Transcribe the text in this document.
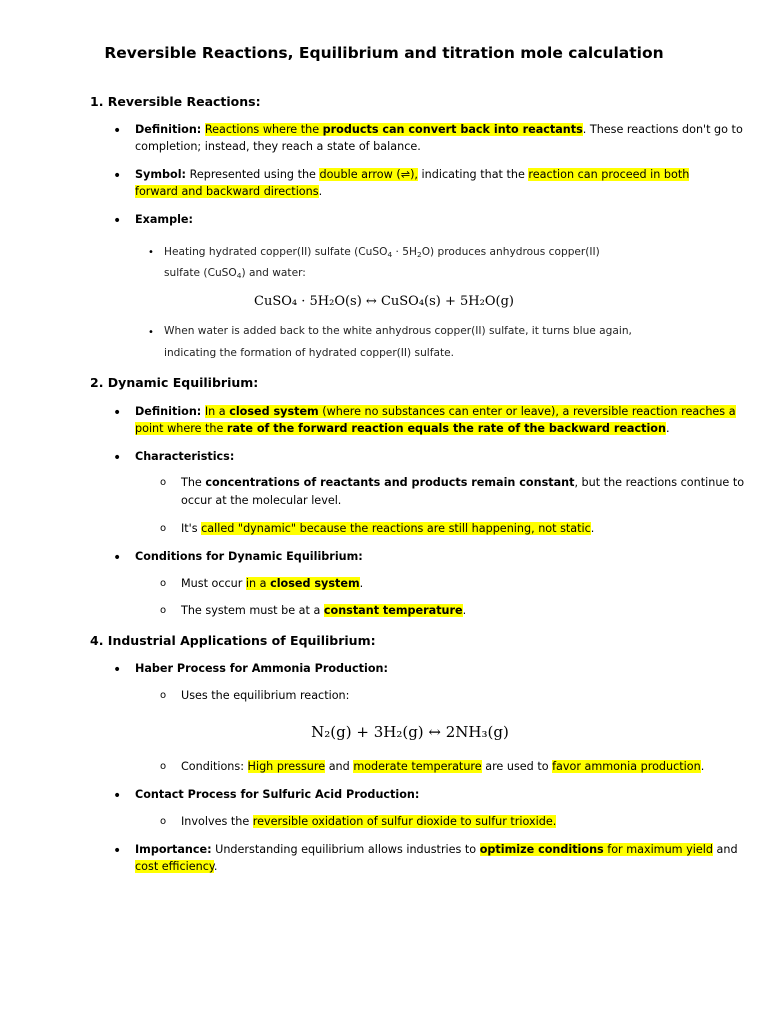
Reversible Reactions, Equilibrium and titration mole calculation
1. Reversible Reactions:
• Definition: Reactions where the products can convert back into reactants. These reactions don't go to
completion; instead, they reach a state of balance.
• Symbol: Represented using the double arrow (⇌), indicating that the reaction can proceed in both
forward and backward directions.
• Example:
• Heating hydrated copper(II) sulfate (CuSO$_4$ · $5H_2O$) produces anhydrous copper(II)
sulfate (CuSO$_4$) and water:
CuSO₄ · 5H₂O(s) ↔ CuSO₄(s) + 5H₂O(g)
• When water is added back to the white anhydrous copper(II) sulfate, it turns blue again,
indicating the formation of hydrated copper(II) sulfate.
2. Dynamic Equilibrium:
• Definition: In a closed system (where no substances can enter or leave), a reversible reaction reaches a
point where the rate of the forward reaction equals the rate of the backward reaction.
• Characteristics:
o The concentrations of reactants and products remain constant, but the reactions continue to
occur at the molecular level.
o It's called "dynamic" because the reactions are still happening, not static.
• Conditions for Dynamic Equilibrium:
o Must occur in a closed system.
o The system must be at a constant temperature.
4. Industrial Applications of Equilibrium:
• Haber Process for Ammonia Production:
o Uses the equilibrium reaction:
N₂(g) + 3H₂(g) ↔ 2NH₃(g)
o Conditions: High pressure and moderate temperature are used to favor ammonia production.
• Contact Process for Sulfuric Acid Production:
o Involves the reversible oxidation of sulfur dioxide to sulfur trioxide.
• Importance: Understanding equilibrium allows industries to optimize conditions for maximum yield and
cost efficiency.
